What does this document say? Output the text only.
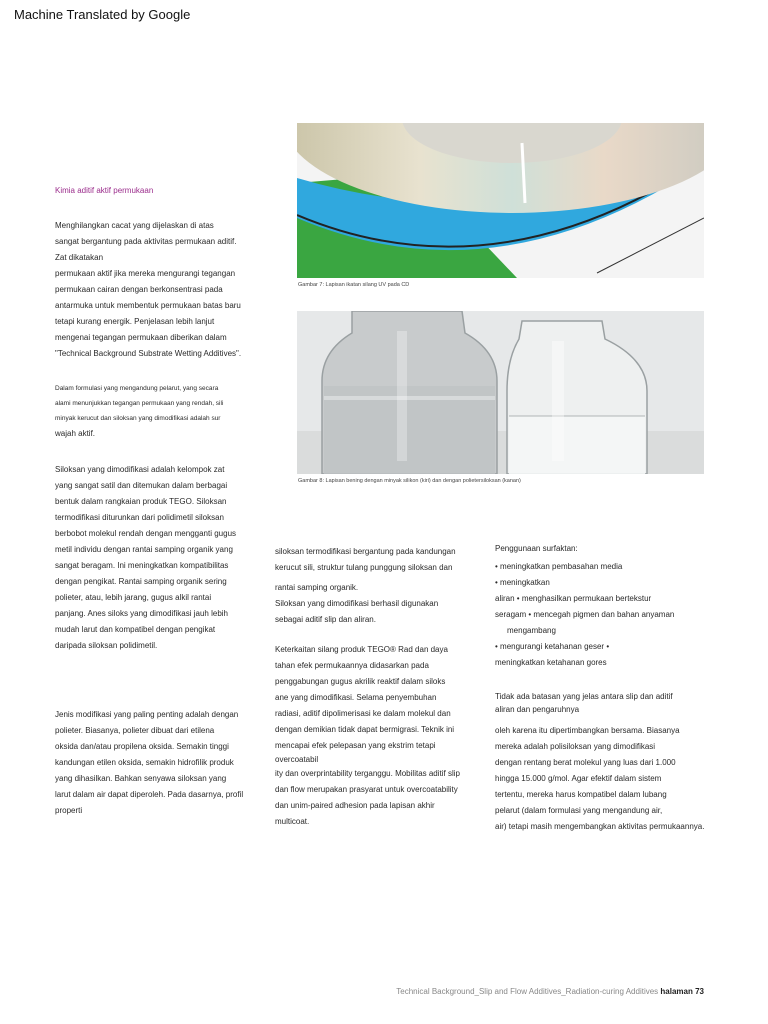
Machine Translated by Google
Kimia aditif aktif permukaan

Menghilangkan cacat yang dijelaskan di atas

sangat bergantung pada aktivitas permukaan aditif.

Zat dikatakan

permukaan aktif jika mereka mengurangi tegangan

permukaan cairan dengan berkonsentrasi pada

antarmuka untuk membentuk permukaan batas baru

tetapi kurang energik. Penjelasan lebih lanjut

mengenai tegangan permukaan diberikan dalam

"Technical Background Substrate Wetting Additives".

Dalam formulasi yang mengandung pelarut, yang secara

alami menunjukkan tegangan permukaan yang rendah, sili

minyak kerucut dan siloksan yang dimodifikasi adalah sur

wajah aktif.

Siloksan yang dimodifikasi adalah kelompok zat

yang sangat satil dan ditemukan dalam berbagai

bentuk dalam rangkaian produk TEGO. Siloksan

termodifikasi diturunkan dari polidimetil siloksan

berbobot molekul rendah dengan mengganti gugus

metil individu dengan rantai samping organik yang

sangat beragam. Ini meningkatkan kompatibilitas

dengan pengikat. Rantai samping organik sering

polieter, atau, lebih jarang, gugus alkil rantai

panjang. Anes siloks yang dimodifikasi jauh lebih

mudah larut dan kompatibel dengan pengikat

daripada siloksan polidimetil.

Jenis modifikasi yang paling penting adalah dengan

polieter. Biasanya, polieter dibuat dari etilena

oksida dan/atau propilena oksida. Semakin tinggi

kandungan etilen oksida, semakin hidrofilik produk

yang dihasilkan. Bahkan senyawa siloksan yang

larut dalam air dapat diperoleh. Pada dasarnya, profil

properti

Gambar 7: Lapisan ikatan silang UV pada CD
Gambar 8: Lapisan bening dengan minyak silikon (kiri) dan dengan polietersiloksan (kanan)

siloksan termodifikasi bergantung pada kandungan

kerucut sili, struktur tulang punggung siloksan dan

rantai samping organik.

Siloksan yang dimodifikasi berhasil digunakan

sebagai aditif slip dan aliran.

Keterkaitan silang produk TEGO® Rad dan daya

tahan efek permukaannya didasarkan pada

penggabungan gugus akrilik reaktif dalam siloks

ane yang dimodifikasi. Selama penyembuhan

radiasi, aditif dipolimerisasi ke dalam molekul dan

dengan demikian tidak dapat bermigrasi. Teknik ini

mencapai efek pelepasan yang ekstrim tetapi

overcoatabil

ity dan overprintability terganggu. Mobilitas aditif slip

dan flow merupakan prasyarat untuk overcoatability

dan unim-paired adhesion pada lapisan akhir

multicoat.

Penggunaan surfaktan:
• meningkatkan pembasahan media
• meningkatkan
aliran • menghasilkan permukaan bertekstur
seragam • mencegah pigmen dan bahan anyaman
mengambang
• mengurangi ketahanan geser •
meningkatkan ketahanan gores

Tidak ada batasan yang jelas antara slip dan aditif

aliran dan pengaruhnya

oleh karena itu dipertimbangkan bersama. Biasanya

mereka adalah polisiloksan yang dimodifikasi

dengan rentang berat molekul yang luas dari 1.000

hingga 15.000 g/mol. Agar efektif dalam sistem

tertentu, mereka harus kompatibel dalam lubang

pelarut (dalam formulasi yang mengandung air,

air) tetapi masih mengembangkan aktivitas permukaannya.

Technical Background_Slip and Flow Additives_Radiation-curing Additives halaman 73
